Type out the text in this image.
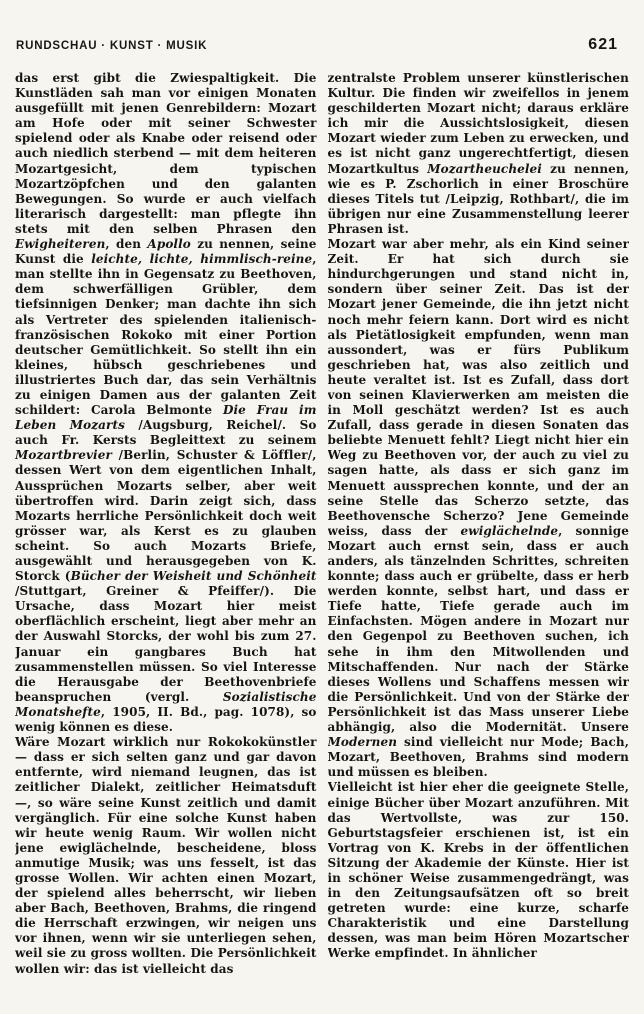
RUNDSCHAU · KUNST · MUSIK	621

das erst gibt die Zwiespaltigkeit. Die Kunstläden sah man vor einigen Monaten ausgefüllt mit jenen Genrebildern: Mozart am Hofe oder mit seiner Schwester spielend oder als Knabe oder reisend oder auch niedlich sterbend — mit dem heiteren Mozartgesicht, dem typischen Mozartzöpfchen und den galanten Bewegungen. So wurde er auch vielfach literarisch dargestellt: man pflegte ihn stets mit den selben Phrasen den Ewigheiteren, den Apollo zu nennen, seine Kunst die leichte, lichte, himmlisch-reine, man stellte ihn in Gegensatz zu Beethoven, dem schwerfälligen Grübler, dem tiefsinnigen Denker; man dachte ihn sich als Vertreter des spielenden italienisch-französischen Rokoko mit einer Portion deutscher Gemütlichkeit. So stellt ihn ein kleines, hübsch geschriebenes und illustriertes Buch dar, das sein Verhältnis zu einigen Damen aus der galanten Zeit schildert: Carola Belmonte Die Frau im Leben Mozarts /Augsburg, Reichel/. So auch Fr. Kersts Begleittext zu seinem Mozartbrevier /Berlin, Schuster & Löffler/, dessen Wert von dem eigentlichen Inhalt, Aussprüchen Mozarts selber, aber weit übertroffen wird. Darin zeigt sich, dass Mozarts herrliche Persönlichkeit doch weit grösser war, als Kerst es zu glauben scheint. So auch Mozarts Briefe, ausgewählt und herausgegeben von K. Storck (Bücher der Weisheit und Schönheit /Stuttgart, Greiner & Pfeiffer/). Die Ursache, dass Mozart hier meist oberflächlich erscheint, liegt aber mehr an der Auswahl Storcks, der wohl bis zum 27. Januar ein gangbares Buch hat zusammenstellen müssen. So viel Interesse die Herausgabe der Beethovenbriefe beanspruchen (vergl. Sozialistische Monatshefte, 1905, II. Bd., pag. 1078), so wenig können es diese.

Wäre Mozart wirklich nur Rokokokünstler — dass er sich selten ganz und gar davon entfernte, wird niemand leugnen, das ist zeitlicher Dialekt, zeitlicher Heimatsduft —, so wäre seine Kunst zeitlich und damit vergänglich. Für eine solche Kunst haben wir heute wenig Raum. Wir wollen nicht jene ewiglächelnde, bescheidene, bloss anmutige Musik; was uns fesselt, ist das grosse Wollen. Wir achten einen Mozart, der spielend alles beherrscht, wir lieben aber Bach, Beethoven, Brahms, die ringend die Herrschaft erzwingen, wir neigen uns vor ihnen, wenn wir sie unterliegen sehen, weil sie zu gross wollten. Die Persönlichkeit wollen wir: das ist vielleicht das

zentralste Problem unserer künstlerischen Kultur. Die finden wir zweifellos in jenem geschilderten Mozart nicht; daraus erkläre ich mir die Aussichtslosigkeit, diesen Mozart wieder zum Leben zu erwecken, und es ist nicht ganz ungerechtfertigt, diesen Mozartkultus Mozartheuchelei zu nennen, wie es P. Zschorlich in einer Broschüre dieses Titels tut /Leipzig, Rothbart/, die im übrigen nur eine Zusammenstellung leerer Phrasen ist.

Mozart war aber mehr, als ein Kind seiner Zeit. Er hat sich durch sie hindurchgerungen und stand nicht in, sondern über seiner Zeit. Das ist der Mozart jener Gemeinde, die ihn jetzt nicht noch mehr feiern kann. Dort wird es nicht als Pietätlosigkeit empfunden, wenn man aussondert, was er fürs Publikum geschrieben hat, was also zeitlich und heute veraltet ist. Ist es Zufall, dass dort von seinen Klavierwerken am meisten die in Moll geschätzt werden? Ist es auch Zufall, dass gerade in diesen Sonaten das beliebte Menuett fehlt? Liegt nicht hier ein Weg zu Beethoven vor, der auch zu viel zu sagen hatte, als dass er sich ganz im Menuett aussprechen konnte, und der an seine Stelle das Scherzo setzte, das Beethovensche Scherzo? Jene Gemeinde weiss, dass der ewiglächelnde, sonnige Mozart auch ernst sein, dass er auch anders, als tänzelnden Schrittes, schreiten konnte; dass auch er grübelte, dass er herb werden konnte, selbst hart, und dass er Tiefe hatte, Tiefe gerade auch im Einfachsten. Mögen andere in Mozart nur den Gegenpol zu Beethoven suchen, ich sehe in ihm den Mitwollenden und Mitschaffenden. Nur nach der Stärke dieses Wollens und Schaffens messen wir die Persönlichkeit. Und von der Stärke der Persönlichkeit ist das Mass unserer Liebe abhängig, also die Modernität. Unsere Modernen sind vielleicht nur Mode; Bach, Mozart, Beethoven, Brahms sind modern und müssen es bleiben.

Vielleicht ist hier eher die geeignete Stelle, einige Bücher über Mozart anzuführen. Mit das Wertvollste, was zur 150. Geburtstagsfeier erschienen ist, ist ein Vortrag von K. Krebs in der öffentlichen Sitzung der Akademie der Künste. Hier ist in schöner Weise zusammengedrängt, was in den Zeitungsaufsätzen oft so breit getreten wurde: eine kurze, scharfe Charakteristik und eine Darstellung dessen, was man beim Hören Mozartscher Werke empfindet. In ähnlicher
